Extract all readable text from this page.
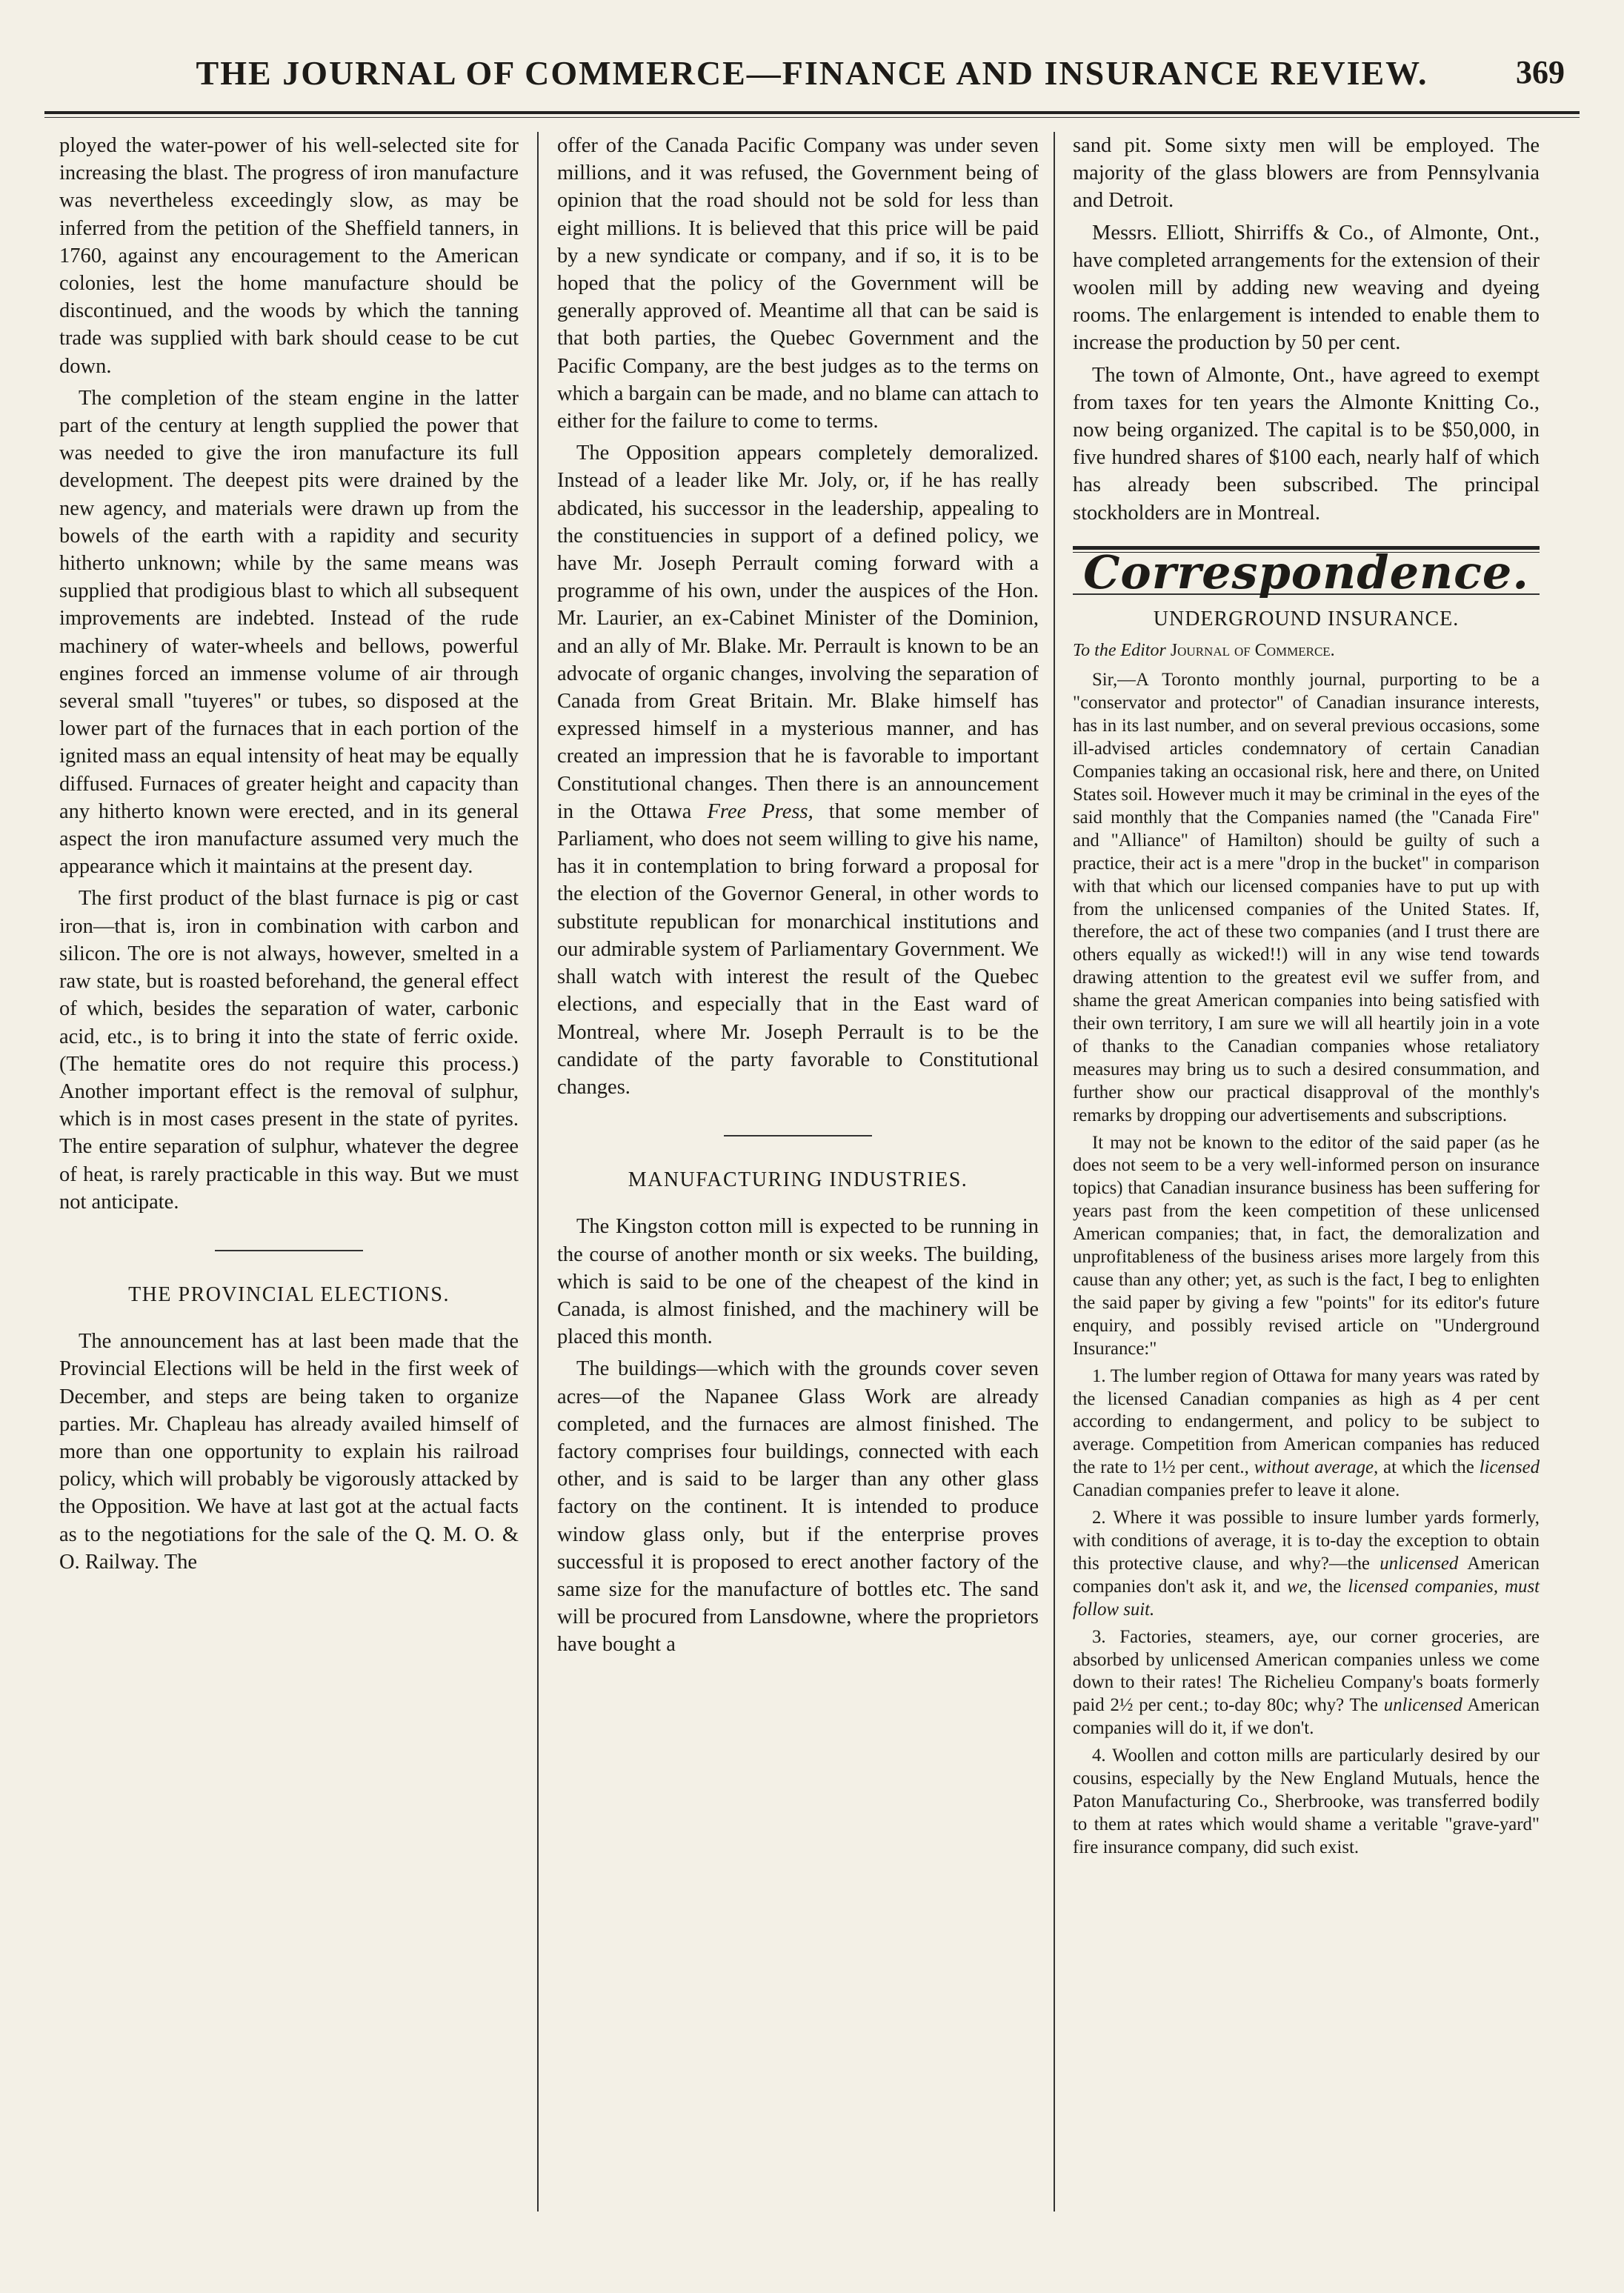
THE JOURNAL OF COMMERCE—FINANCE AND INSURANCE REVIEW.	369

ployed the water-power of his well-selected site for increasing the blast. The progress of iron manufacture was nevertheless exceedingly slow, as may be inferred from the petition of the Sheffield tanners, in 1760, against any encouragement to the American colonies, lest the home manufacture should be discontinued, and the woods by which the tanning trade was supplied with bark should cease to be cut down.

The completion of the steam engine in the latter part of the century at length supplied the power that was needed to give the iron manufacture its full development. The deepest pits were drained by the new agency, and materials were drawn up from the bowels of the earth with a rapidity and security hitherto unknown; while by the same means was supplied that prodigious blast to which all subsequent improvements are indebted. Instead of the rude machinery of water-wheels and bellows, powerful engines forced an immense volume of air through several small "tuyeres" or tubes, so disposed at the lower part of the furnaces that in each portion of the ignited mass an equal intensity of heat may be equally diffused. Furnaces of greater height and capacity than any hitherto known were erected, and in its general aspect the iron manufacture assumed very much the appearance which it maintains at the present day.

The first product of the blast furnace is pig or cast iron—that is, iron in combination with carbon and silicon. The ore is not always, however, smelted in a raw state, but is roasted beforehand, the general effect of which, besides the separation of water, carbonic acid, etc., is to bring it into the state of ferric oxide. (The hematite ores do not require this process.) Another important effect is the removal of sulphur, which is in most cases present in the state of pyrites. The entire separation of sulphur, whatever the degree of heat, is rarely practicable in this way. But we must not anticipate.

THE PROVINCIAL ELECTIONS.

The announcement has at last been made that the Provincial Elections will be held in the first week of December, and steps are being taken to organize parties. Mr. Chapleau has already availed himself of more than one opportunity to explain his railroad policy, which will probably be vigorously attacked by the Opposition. We have at last got at the actual facts as to the negotiations for the sale of the Q. M. O. & O. Railway. The

offer of the Canada Pacific Company was under seven millions, and it was refused, the Government being of opinion that the road should not be sold for less than eight millions. It is believed that this price will be paid by a new syndicate or company, and if so, it is to be hoped that the policy of the Government will be generally approved of. Meantime all that can be said is that both parties, the Quebec Government and the Pacific Company, are the best judges as to the terms on which a bargain can be made, and no blame can attach to either for the failure to come to terms.

The Opposition appears completely demoralized. Instead of a leader like Mr. Joly, or, if he has really abdicated, his successor in the leadership, appealing to the constituencies in support of a defined policy, we have Mr. Joseph Perrault coming forward with a programme of his own, under the auspices of the Hon. Mr. Laurier, an ex-Cabinet Minister of the Dominion, and an ally of Mr. Blake. Mr. Perrault is known to be an advocate of organic changes, involving the separation of Canada from Great Britain. Mr. Blake himself has expressed himself in a mysterious manner, and has created an impression that he is favorable to important Constitutional changes. Then there is an announcement in the Ottawa Free Press, that some member of Parliament, who does not seem willing to give his name, has it in contemplation to bring forward a proposal for the election of the Governor General, in other words to substitute republican for monarchical institutions and our admirable system of Parliamentary Government. We shall watch with interest the result of the Quebec elections, and especially that in the East ward of Montreal, where Mr. Joseph Perrault is to be the candidate of the party favorable to Constitutional changes.

MANUFACTURING INDUSTRIES.

The Kingston cotton mill is expected to be running in the course of another month or six weeks. The building, which is said to be one of the cheapest of the kind in Canada, is almost finished, and the machinery will be placed this month.

The buildings—which with the grounds cover seven acres—of the Napanee Glass Work are already completed, and the furnaces are almost finished. The factory comprises four buildings, connected with each other, and is said to be larger than any other glass factory on the continent. It is intended to produce window glass only, but if the enterprise proves successful it is proposed to erect another factory of the same size for the manufacture of bottles etc. The sand will be procured from Lansdowne, where the proprietors have bought a

sand pit. Some sixty men will be employed. The majority of the glass blowers are from Pennsylvania and Detroit.

Messrs. Elliott, Shirriffs & Co., of Almonte, Ont., have completed arrangements for the extension of their woolen mill by adding new weaving and dyeing rooms. The enlargement is intended to enable them to increase the production by 50 per cent.

The town of Almonte, Ont., have agreed to exempt from taxes for ten years the Almonte Knitting Co., now being organized. The capital is to be $50,000, in five hundred shares of $100 each, nearly half of which has already been subscribed. The principal stockholders are in Montreal.

Correspondence.
UNDERGROUND INSURANCE.
To the Editor Journal of Commerce.

Sir,—A Toronto monthly journal, purporting to be a "conservator and protector" of Canadian insurance interests, has in its last number, and on several previous occasions, some ill-advised articles condemnatory of certain Canadian Companies taking an occasional risk, here and there, on United States soil. However much it may be criminal in the eyes of the said monthly that the Companies named (the "Canada Fire" and "Alliance" of Hamilton) should be guilty of such a practice, their act is a mere "drop in the bucket" in comparison with that which our licensed companies have to put up with from the unlicensed companies of the United States. If, therefore, the act of these two companies (and I trust there are others equally as wicked!!) will in any wise tend towards drawing attention to the greatest evil we suffer from, and shame the great American companies into being satisfied with their own territory, I am sure we will all heartily join in a vote of thanks to the Canadian companies whose retaliatory measures may bring us to such a desired consummation, and further show our practical disapproval of the monthly's remarks by dropping our advertisements and subscriptions.

It may not be known to the editor of the said paper (as he does not seem to be a very well-informed person on insurance topics) that Canadian insurance business has been suffering for years past from the keen competition of these unlicensed American companies; that, in fact, the demoralization and unprofitableness of the business arises more largely from this cause than any other; yet, as such is the fact, I beg to enlighten the said paper by giving a few "points" for its editor's future enquiry, and possibly revised article on "Underground Insurance:"

1. The lumber region of Ottawa for many years was rated by the licensed Canadian companies as high as 4 per cent according to endangerment, and policy to be subject to average. Competition from American companies has reduced the rate to 1½ per cent., without average, at which the licensed Canadian companies prefer to leave it alone.

2. Where it was possible to insure lumber yards formerly, with conditions of average, it is to-day the exception to obtain this protective clause, and why?—the unlicensed American companies don't ask it, and we, the licensed companies, must follow suit.

3. Factories, steamers, aye, our corner groceries, are absorbed by unlicensed American companies unless we come down to their rates! The Richelieu Company's boats formerly paid 2½ per cent.; to-day 80c; why? The unlicensed American companies will do it, if we don't.

4. Woollen and cotton mills are particularly desired by our cousins, especially by the New England Mutuals, hence the Paton Manufacturing Co., Sherbrooke, was transferred bodily to them at rates which would shame a veritable "grave-yard" fire insurance company, did such exist.
